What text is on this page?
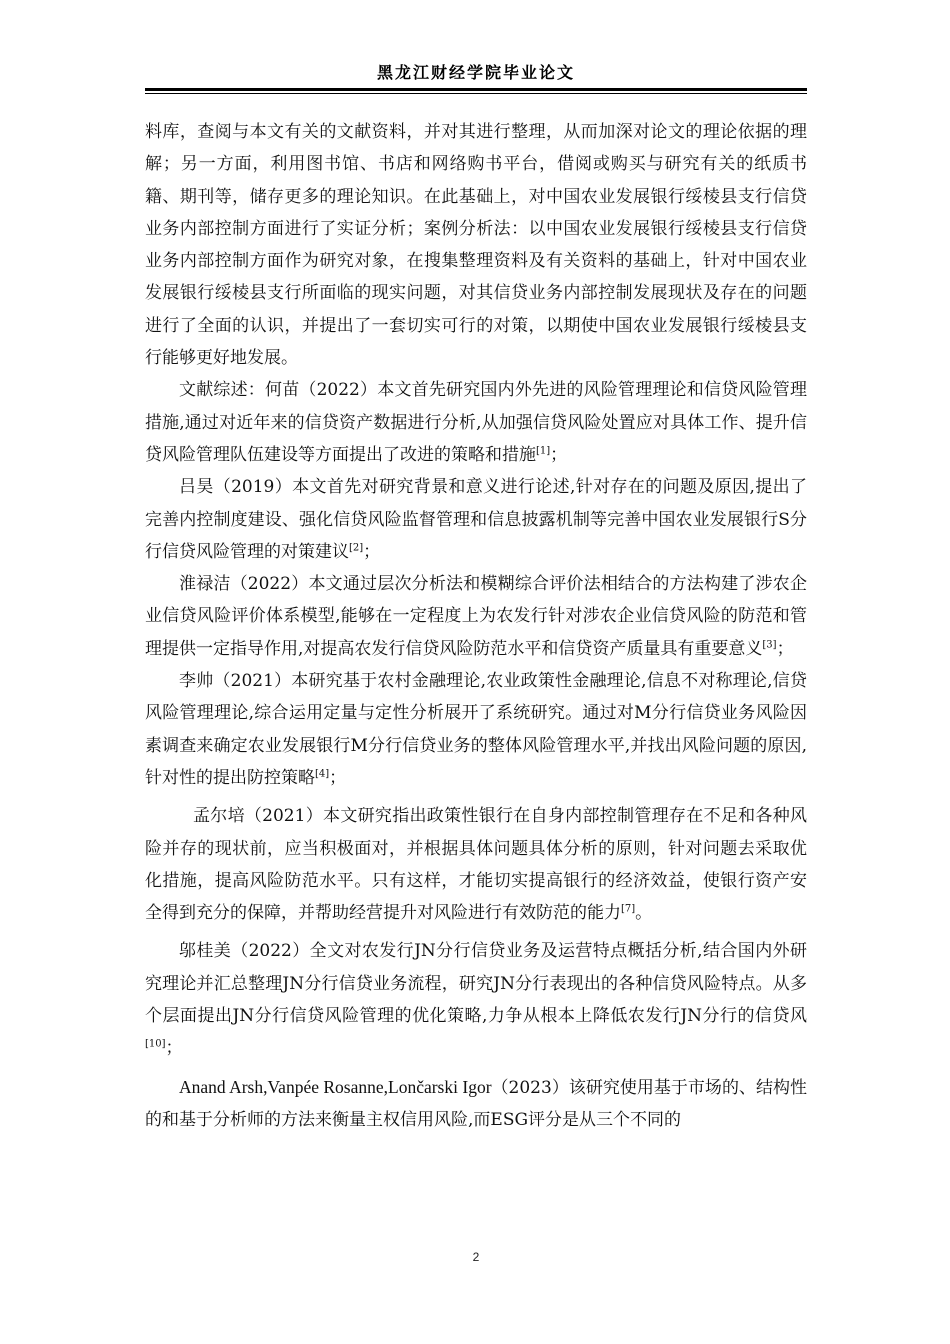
黑龙江财经学院毕业论文

料库，查阅与本文有关的文献资料，并对其进行整理，从而加深对论文的理论依据的理解；另一方面，利用图书馆、书店和网络购书平台，借阅或购买与研究有关的纸质书籍、期刊等，储存更多的理论知识。在此基础上，对中国农业发展银行绥棱县支行信贷业务内部控制方面进行了实证分析；案例分析法：以中国农业发展银行绥棱县支行信贷业务内部控制方面作为研究对象，在搜集整理资料及有关资料的基础上，针对中国农业发展银行绥棱县支行所面临的现实问题，对其信贷业务内部控制发展现状及存在的问题进行了全面的认识，并提出了一套切实可行的对策，以期使中国农业发展银行绥棱县支行能够更好地发展。

文献综述：何苗（2022）本文首先研究国内外先进的风险管理理论和信贷风险管理措施,通过对近年来的信贷资产数据进行分析,从加强信贷风险处置应对具体工作、提升信贷风险管理队伍建设等方面提出了改进的策略和措施[1]；

吕昊（2019）本文首先对研究背景和意义进行论述,针对存在的问题及原因,提出了完善内控制度建设、强化信贷风险监督管理和信息披露机制等完善中国农业发展银行S分行信贷风险管理的对策建议[2]；

淮禄洁（2022）本文通过层次分析法和模糊综合评价法相结合的方法构建了涉农企业信贷风险评价体系模型,能够在一定程度上为农发行针对涉农企业信贷风险的防范和管理提供一定指导作用,对提高农发行信贷风险防范水平和信贷资产质量具有重要意义[3]；

李帅（2021）本研究基于农村金融理论,农业政策性金融理论,信息不对称理论,信贷风险管理理论,综合运用定量与定性分析展开了系统研究。通过对M分行信贷业务风险因素调查来确定农业发展银行M分行信贷业务的整体风险管理水平,并找出风险问题的原因,针对性的提出防控策略[4]；

孟尔培（2021）本文研究指出政策性银行在自身内部控制管理存在不足和各种风险并存的现状前，应当积极面对，并根据具体问题具体分析的原则，针对问题去采取优化措施，提高风险防范水平。只有这样，才能切实提高银行的经济效益，使银行资产安全得到充分的保障，并帮助经营提升对风险进行有效防范的能力[7]。

邬桂美（2022）全文对农发行JN分行信贷业务及运营特点概括分析,结合国内外研究理论并汇总整理JN分行信贷业务流程，研究JN分行表现出的各种信贷风险特点。从多个层面提出JN分行信贷风险管理的优化策略,力争从根本上降低农发行JN分行的信贷风[10]；

Anand Arsh,Vanpée Rosanne,Lončarski Igor（2023）该研究使用基于市场的、结构性的和基于分析师的方法来衡量主权信用风险,而ESG评分是从三个不同的

2
